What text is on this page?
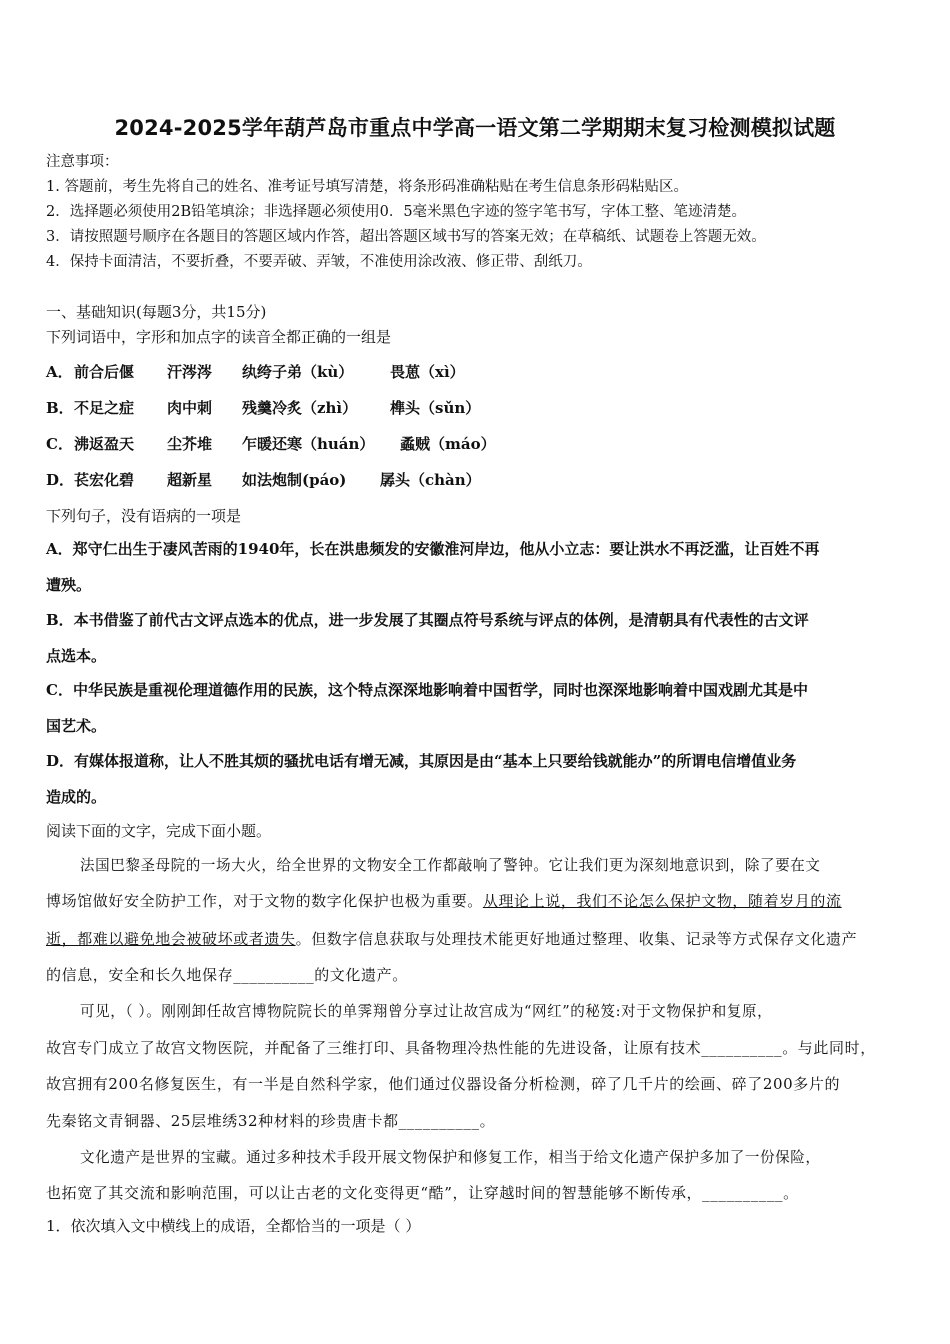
2024-2025学年葫芦岛市重点中学高一语文第二学期期末复习检测模拟试题
注意事项：
1. 答题前，考生先将自己的姓名、准考证号填写清楚，将条形码准确粘贴在考生信息条形码粘贴区。
2．选择题必须使用2B铅笔填涂；非选择题必须使用0．5毫米黑色字迹的签字笔书写，字体工整、笔迹清楚。
3．请按照题号顺序在各题目的答题区域内作答，超出答题区域书写的答案无效；在草稿纸、试题卷上答题无效。
4．保持卡面清洁，不要折叠，不要弄破、弄皱，不准使用涂改液、修正带、刮纸刀。
一、基础知识(每题3分，共15分)
下列词语中，字形和加点字的读音全都正确的一组是
A． 前合后偃 汗涔涔 纨绔子弟（kù） 畏葸（xì）
B． 不足之症 肉中刺 残羹冷炙（zhì） 榫头（sǔn）
C． 沸返盈天 尘芥堆 乍暖还寒（huán） 蟊贼（máo）
D． 苌宏化碧 超新星 如法炮制(páo) 孱头（chàn）
下列句子，没有语病的一项是
A．郑守仁出生于凄风苦雨的1940年，长在洪患频发的安徽淮河岸边，他从小立志：要让洪水不再泛滥，让百姓不再
遭殃。
B．本书借鉴了前代古文评点选本的优点，进一步发展了其圈点符号系统与评点的体例，是清朝具有代表性的古文评
点选本。
C．中华民族是重视伦理道德作用的民族，这个特点深深地影响着中国哲学，同时也深深地影响着中国戏剧尤其是中
国艺术。
D．有媒体报道称，让人不胜其烦的骚扰电话有增无减，其原因是由“基本上只要给钱就能办”的所谓电信增值业务
造成的。
阅读下面的文字，完成下面小题。
法国巴黎圣母院的一场大火，给全世界的文物安全工作都敲响了警钟。它让我们更为深刻地意识到，除了要在文
博场馆做好安全防护工作，对于文物的数字化保护也极为重要。从理论上说，我们不论怎么保护文物，随着岁月的流
逝，都难以避免地会被破坏或者遗失。但数字信息获取与处理技术能更好地通过整理、收集、记录等方式保存文化遗产
的信息，安全和长久地保存__________的文化遗产。
可见，（ ）。刚刚卸任故宫博物院院长的单霁翔曾分享过让故宫成为“网红”的秘笈:对于文物保护和复原，
故宫专门成立了故宫文物医院，并配备了三维打印、具备物理冷热性能的先进设备，让原有技术__________。与此同时，
故宫拥有200名修复医生，有一半是自然科学家，他们通过仪器设备分析检测，碎了几千片的绘画、碎了200多片的
先秦铭文青铜器、25层堆绣32种材料的珍贵唐卡都__________。
文化遗产是世界的宝藏。通过多种技术手段开展文物保护和修复工作，相当于给文化遗产保护多加了一份保险，
也拓宽了其交流和影响范围，可以让古老的文化变得更“酷”，让穿越时间的智慧能够不断传承，__________。
1．依次填入文中横线上的成语，全都恰当的一项是（ ）
